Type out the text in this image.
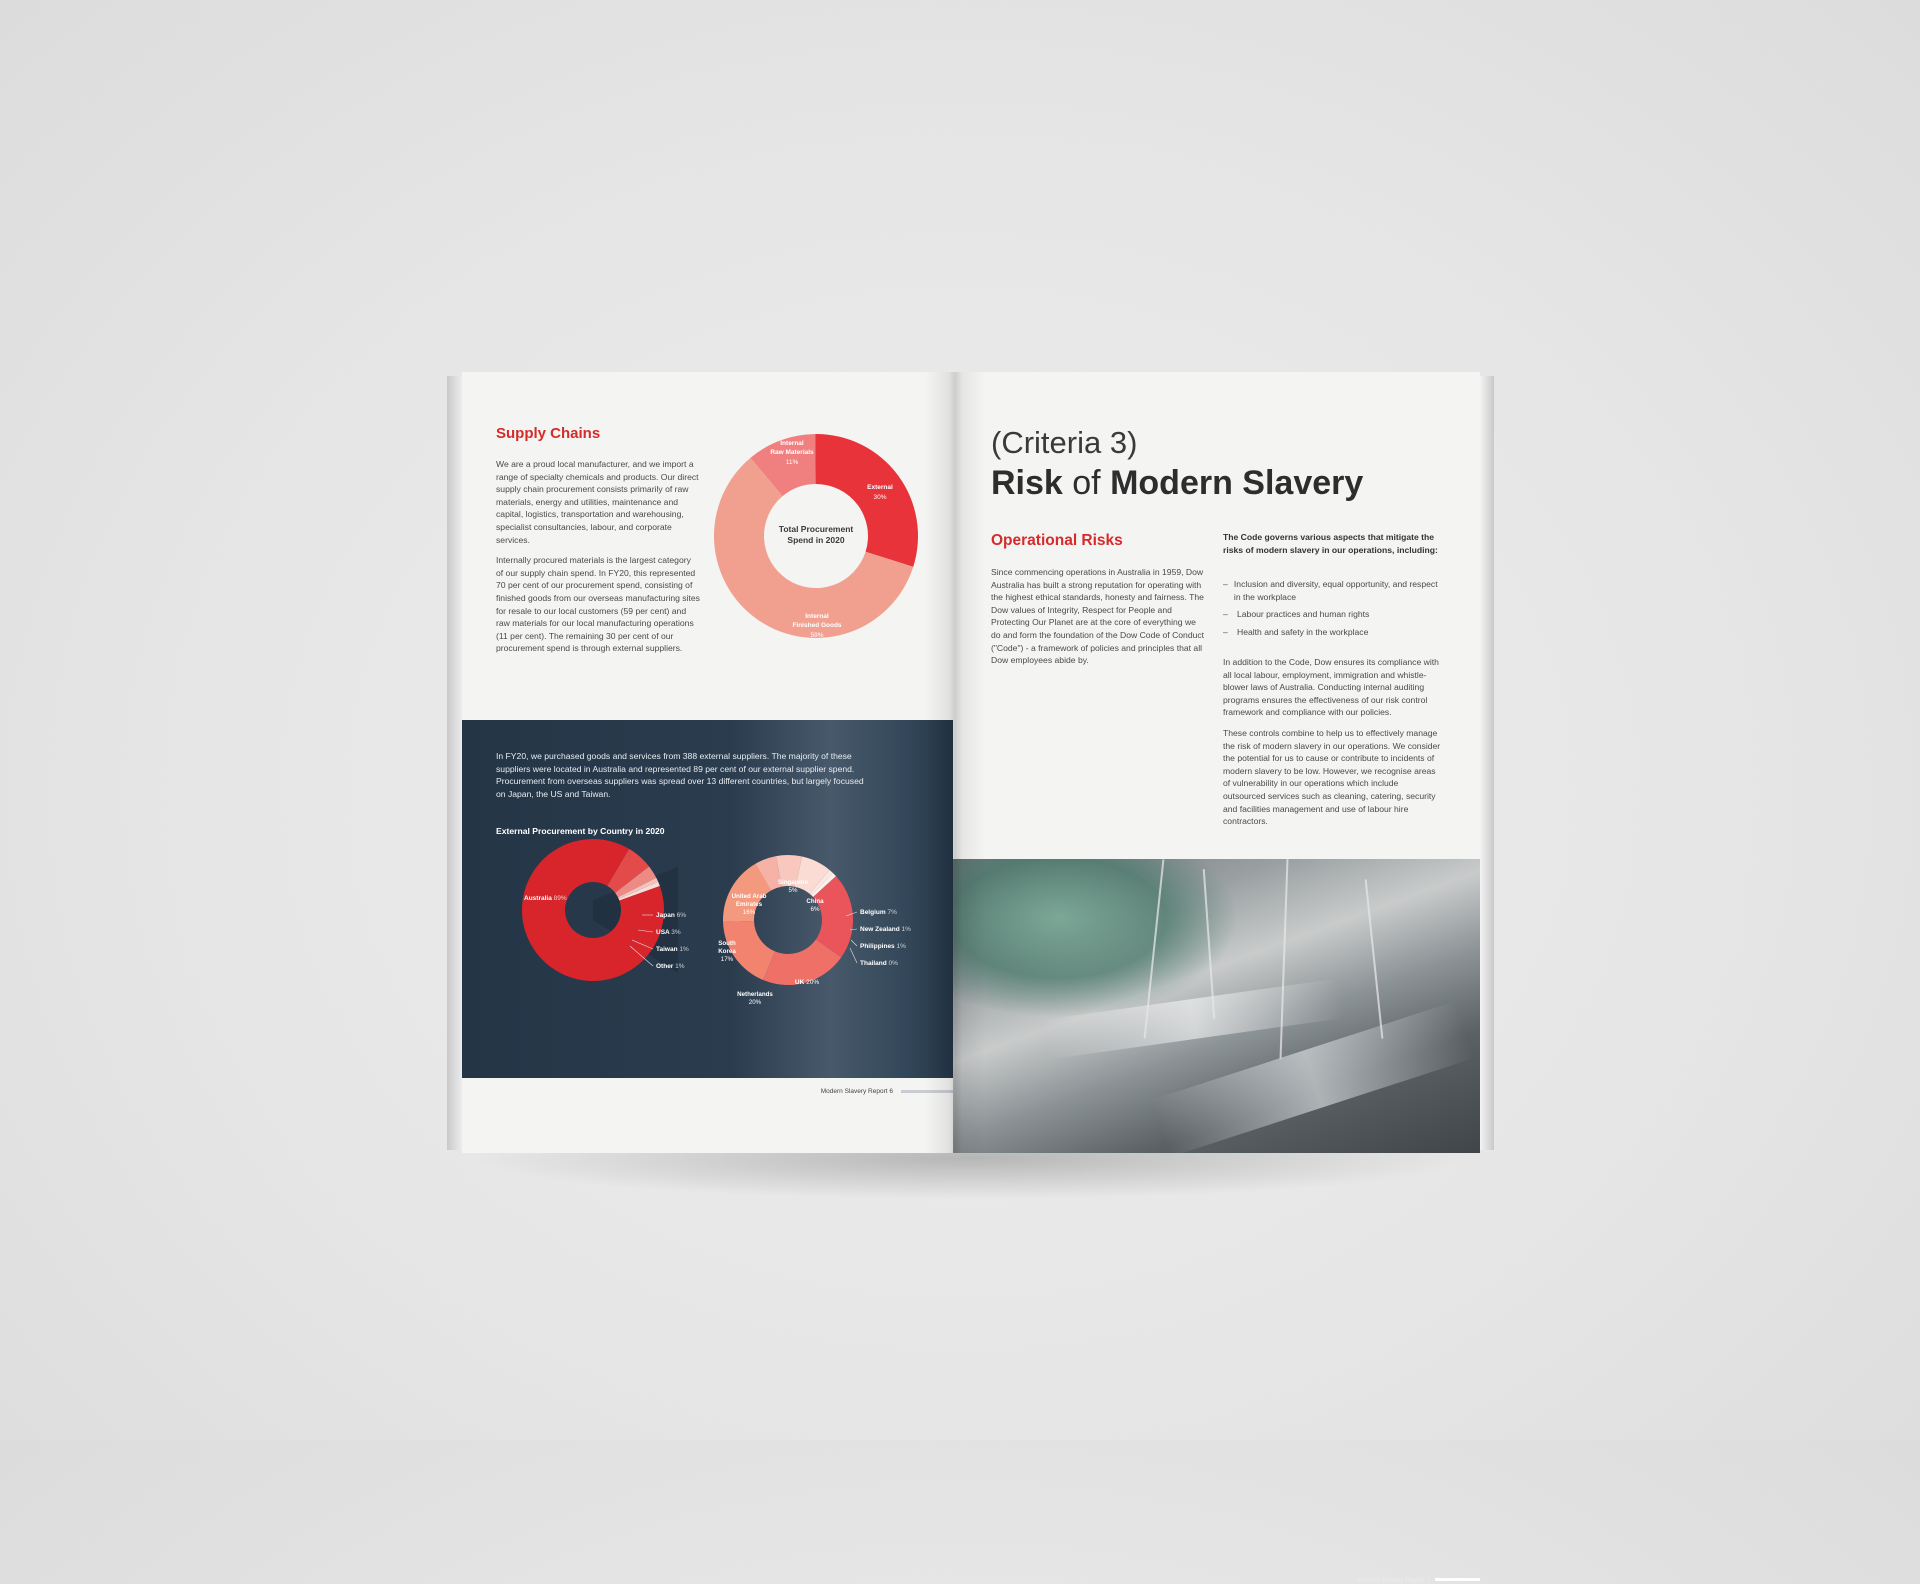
Supply Chains

We are a proud local manufacturer, and we import a range of specialty chemicals and products. Our direct supply chain procurement consists primarily of raw materials, energy and utilities, maintenance and capital, logistics, transportation and warehousing, specialist consultancies, labour, and corporate services.

Internally procured materials is the largest category of our supply chain spend. In FY20, this represented 70 per cent of our procurement spend, consisting of finished goods from our overseas manufacturing sites for resale to our local customers (59 per cent) and raw materials for our local manufacturing operations (11 per cent). The remaining 30 per cent of our procurement spend is through external suppliers.

Total Procurement
Spend in 2020
Internal
Raw Materials
11%
External
30%
Internal
Finished Goods
59%
In FY20, we purchased goods and services from 388 external suppliers. The majority of these suppliers were located in Australia and represented 89 per cent of our external supplier spend. Procurement from overseas suppliers was spread over 13 different countries, but largely focused on Japan, the US and Taiwan.
External Procurement by Country in 2020
Australia 89%
Japan 6%
USA 3%
Taiwan 1%
Other 1%
Singapore
5%
United Arab
Emirates
16%
China
6%
South
Korea
17%
Netherlands
20%
UK 20%
Belgium 7%
New Zealand 1%
Philippines 1%
Thailand 0%
Modern Slavery Report 6
(Criteria 3)
Risk of Modern Slavery
Operational Risks
Since commencing operations in Australia in 1959, Dow Australia has built a strong reputation for operating with the highest ethical standards, honesty and fairness. The Dow values of Integrity, Respect for People and Protecting Our Planet are at the core of everything we do and form the foundation of the Dow Code of Conduct ("Code") - a framework of policies and principles that all Dow employees abide by.
The Code governs various aspects that mitigate the risks of modern slavery in our operations, including:
– Inclusion and diversity, equal opportunity, and respect in the workplace
–	Labour practices and human rights
–	Health and safety in the workplace

In addition to the Code, Dow ensures its compliance with all local labour, employment, immigration and whistle-blower laws of Australia. Conducting internal auditing programs ensures the effectiveness of our risk control framework and compliance with our policies.

These controls combine to help us to effectively manage the risk of modern slavery in our operations. We consider the potential for us to cause or contribute to incidents of modern slavery to be low. However, we recognise areas of vulnerability in our operations which include outsourced services such as cleaning, catering, security and facilities management and use of labour hire contractors.

Modern Slavery Report 7
